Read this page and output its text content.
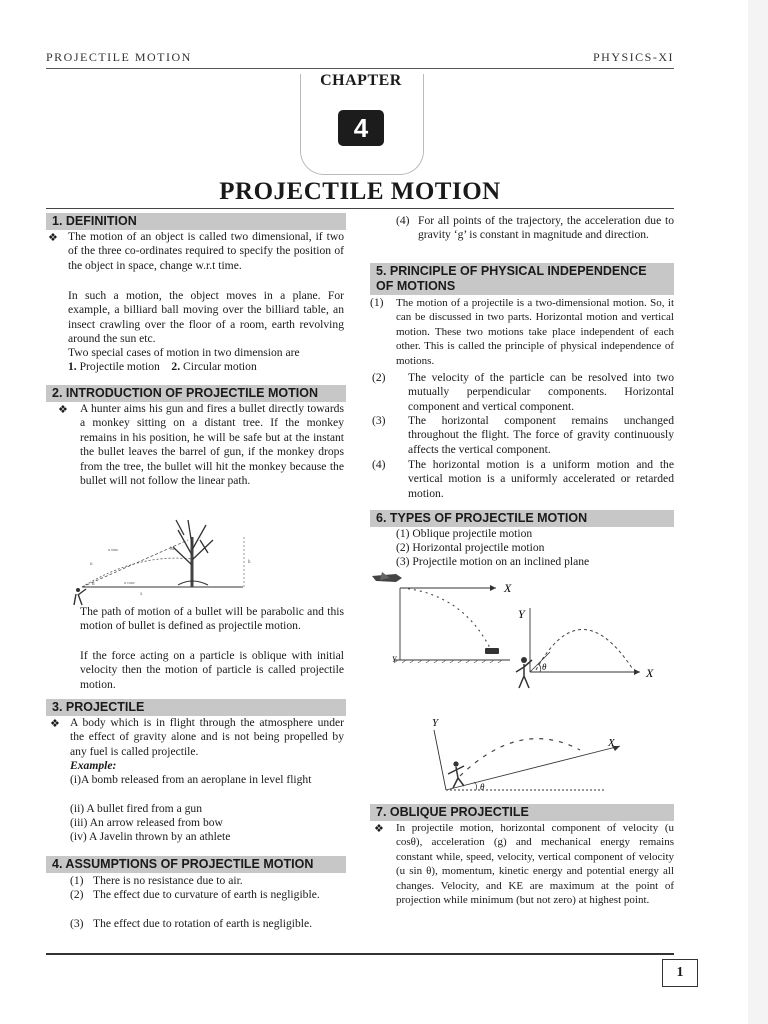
PROJECTILE MOTION	PHYSICS-XI
CHAPTER
4
PROJECTILE MOTION
1. DEFINITION
❖ The motion of an object is called two dimensional, if two of the three co-ordinates required to specify the position of the object in space, change w.r.t time.
In such a motion, the object moves in a plane. For example, a billiard ball moving over the billiard table, an insect crawling over the floor of a room, earth revolving around the sun etc.
Two special cases of motion in two dimension are
1. Projectile motion 2. Circular motion
2. INTRODUCTION OF PROJECTILE MOTION
❖ A hunter aims his gun and fires a bullet directly towards a monkey sitting on a distant tree. If the monkey remains in his position, he will be safe but at the instant the bullet leaves the barrel of gun, if the monkey drops from the tree, the bullet will hit the monkey because the bullet will not follow the linear path.
u
α
M
h
x
u cosα
u sinα
The path of motion of a bullet will be parabolic and this motion of bullet is defined as projectile motion.
If the force acting on a particle is oblique with initial velocity then the motion of particle is called projectile motion.
3. PROJECTILE
❖ A body which is in flight through the atmosphere under the effect of gravity alone and is not being propelled by any fuel is called projectile.
Example:
(i)A bomb released from an aeroplane in level flight
(ii) A bullet fired from a gun
(iii) An arrow released from bow
(iv) A Javelin thrown by an athlete
4. ASSUMPTIONS OF PROJECTILE MOTION
(1) There is no resistance due to air.
(2) The effect due to curvature of earth is negligible.
(3) The effect due to rotation of earth is negligible.
(4) For all points of the trajectory, the acceleration due to gravity ‘g’ is constant in magnitude and direction.
5. PRINCIPLE OF PHYSICAL INDEPENDENCE
OF MOTIONS
(1) The motion of a projectile is a two-dimensional motion. So, it can be discussed in two parts. Horizontal motion and vertical motion. These two motions take place independent of each other. This is called the principle of physical independence of motions.
(2) The velocity of the particle can be resolved into two mutually perpendicular components. Horizontal component and vertical component.
(3) The horizontal component remains unchanged throughout the flight. The force of gravity continuously affects the vertical component.
(4) The horizontal motion is a uniform motion and the vertical motion is a uniformly accelerated or retarded motion.
6. TYPES OF PROJECTILE MOTION
(1) Oblique projectile motion
(2) Horizontal projectile motion
(3) Projectile motion on an inclined plane
X
Y
Y
X
θ
Y
X
θ
7. OBLIQUE PROJECTILE
❖ In projectile motion, horizontal component of velocity (u cosθ), acceleration (g) and mechanical energy remains constant while, speed, velocity, vertical component of velocity (u sin θ), momentum, kinetic energy and potential energy all changes. Velocity, and KE are maximum at the point of projection while minimum (but not zero) at highest point.
1
